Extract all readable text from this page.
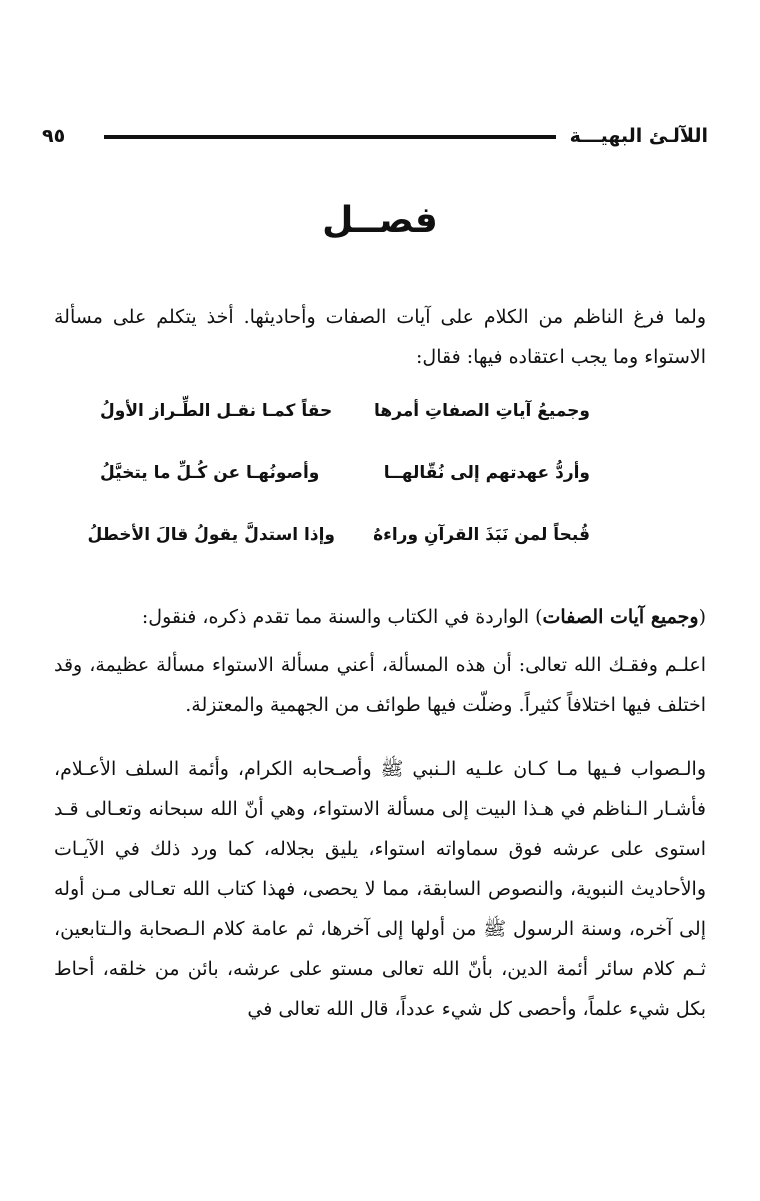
اللآلـئ البهيـــة
٩٥
فصــل

ولما فرغ الناظم من الكلام على آيات الصفات وأحاديثها. أخذ يتكلم على مسألة الاستواء وما يجب اعتقاده فيها: فقال:

وجميعُ آياتِ الصفاتِ أمرها
حقاً كمـا نقـل الطِّـراز الأولُ
وأردُّ عهدتهم إلى نُقّالهــا
وأصونُهـا عن كُـلِّ ما يتخيَّلُ
قُبحاً لمن نَبَذَ القرآنِ وراءهُ
وإذا استدلَّ يقولُ قالَ الأخطلُ

(وجميع آيات الصفات) الواردة في الكتاب والسنة مما تقدم ذكره، فنقول:

اعلـم وفقـك الله تعالى: أن هذه المسألة، أعني مسألة الاستواء مسألة عظيمة، وقد اختلف فيها اختلافاً كثيراً. وضلّت فيها طوائف من الجهمية والمعتزلة.

والـصواب فـيها مـا كـان علـيه الـنبي ﷺ وأصـحابه الكرام، وأئمة السلف الأعـلام، فأشـار الـناظم في هـذا البيت إلى مسألة الاستواء، وهي أنّ الله سبحانه وتعـالى قـد استوى على عرشه فوق سماواته استواء، يليق بجلاله، كما ورد ذلك في الآيـات والأحاديث النبوية، والنصوص السابقة، مما لا يحصى، فهذا كتاب الله تعـالى مـن أوله إلى آخره، وسنة الرسول ﷺ من أولها إلى آخرها، ثم عامة كلام الـصحابة والـتابعين، ثـم كلام سائر أئمة الدين، بأنّ الله تعالى مستو على عرشه، بائن من خلقه، أحاط بكل شيء علماً، وأحصى كل شيء عدداً، قال الله تعالى في
